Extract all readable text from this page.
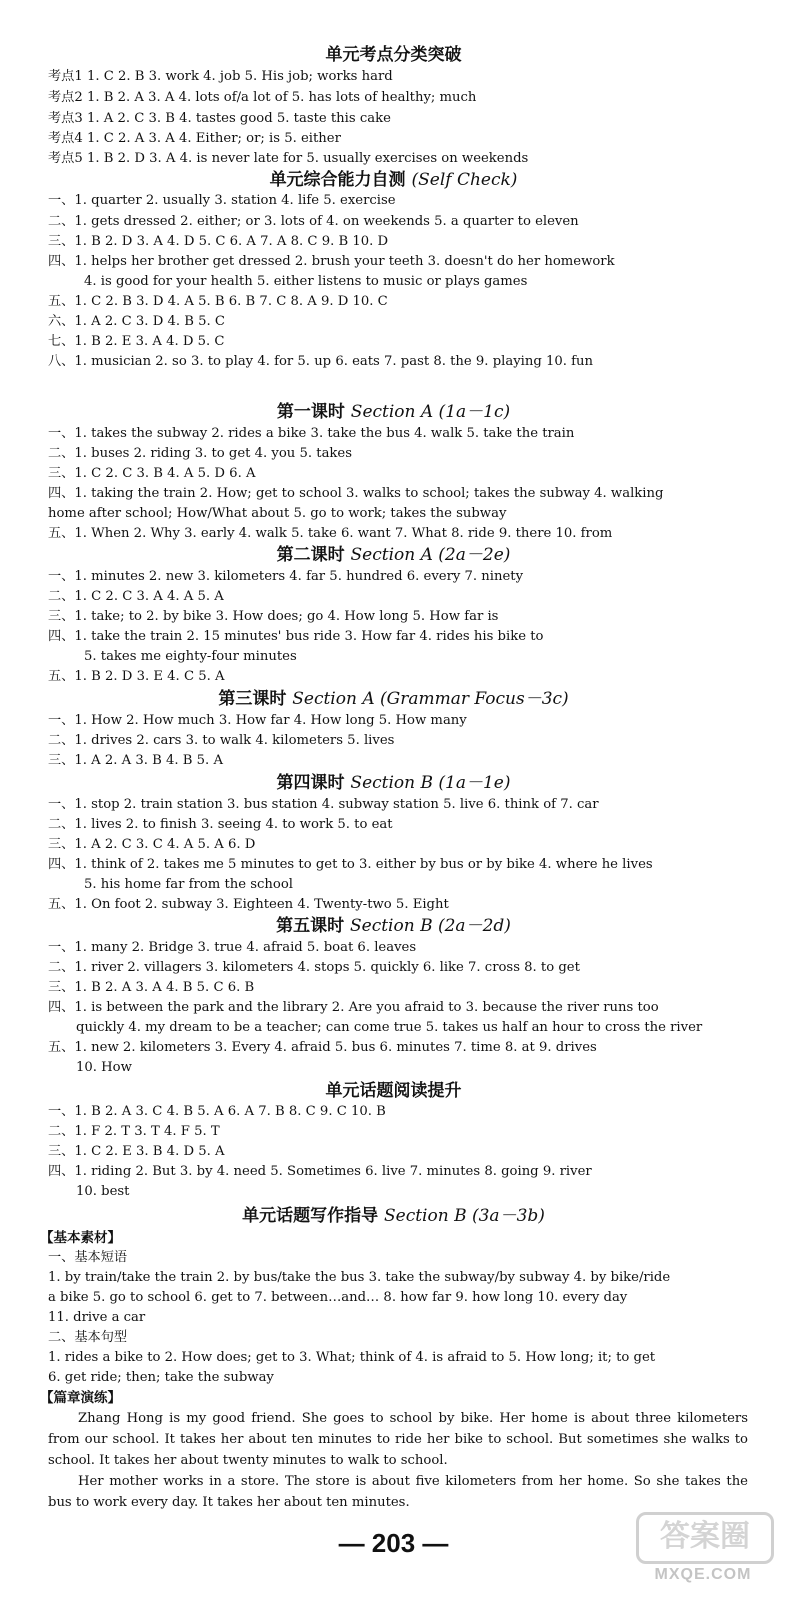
单元考点分类突破
考点1 1. C 2. B 3. work 4. job 5. His job; works hard
考点2 1. B 2. A 3. A 4. lots of/a lot of 5. has lots of healthy; much
考点3 1. A 2. C 3. B 4. tastes good 5. taste this cake
考点4 1. C 2. A 3. A 4. Either; or; is 5. either
考点5 1. B 2. D 3. A 4. is never late for 5. usually exercises on weekends
单元综合能力自测 (Self Check)
一、1. quarter 2. usually 3. station 4. life 5. exercise
二、1. gets dressed 2. either; or 3. lots of 4. on weekends 5. a quarter to eleven
三、1. B 2. D 3. A 4. D 5. C 6. A 7. A 8. C 9. B 10. D
四、1. helps her brother get dressed 2. brush your teeth 3. doesn't do her homework
4. is good for your health 5. either listens to music or plays games
五、1. C 2. B 3. D 4. A 5. B 6. B 7. C 8. A 9. D 10. C
六、1. A 2. C 3. D 4. B 5. C
七、1. B 2. E 3. A 4. D 5. C
八、1. musician 2. so 3. to play 4. for 5. up 6. eats 7. past 8. the 9. playing 10. fun
第一课时 Section A (1a－1c)
一、1. takes the subway 2. rides a bike 3. take the bus 4. walk 5. take the train
二、1. buses 2. riding 3. to get 4. you 5. takes
三、1. C 2. C 3. B 4. A 5. D 6. A
四、1. taking the train 2. How; get to school 3. walks to school; takes the subway 4. walking
home after school; How/What about 5. go to work; takes the subway
五、1. When 2. Why 3. early 4. walk 5. take 6. want 7. What 8. ride 9. there 10. from
第二课时 Section A (2a－2e)
一、1. minutes 2. new 3. kilometers 4. far 5. hundred 6. every 7. ninety
二、1. C 2. C 3. A 4. A 5. A
三、1. take; to 2. by bike 3. How does; go 4. How long 5. How far is
四、1. take the train 2. 15 minutes' bus ride 3. How far 4. rides his bike to
5. takes me eighty-four minutes
五、1. B 2. D 3. E 4. C 5. A
第三课时 Section A (Grammar Focus－3c)
一、1. How 2. How much 3. How far 4. How long 5. How many
二、1. drives 2. cars 3. to walk 4. kilometers 5. lives
三、1. A 2. A 3. B 4. B 5. A
第四课时 Section B (1a－1e)
一、1. stop 2. train station 3. bus station 4. subway station 5. live 6. think of 7. car
二、1. lives 2. to finish 3. seeing 4. to work 5. to eat
三、1. A 2. C 3. C 4. A 5. A 6. D
四、1. think of 2. takes me 5 minutes to get to 3. either by bus or by bike 4. where he lives
5. his home far from the school
五、1. On foot 2. subway 3. Eighteen 4. Twenty-two 5. Eight
第五课时 Section B (2a－2d)
一、1. many 2. Bridge 3. true 4. afraid 5. boat 6. leaves
二、1. river 2. villagers 3. kilometers 4. stops 5. quickly 6. like 7. cross 8. to get
三、1. B 2. A 3. A 4. B 5. C 6. B
四、1. is between the park and the library 2. Are you afraid to 3. because the river runs too
quickly 4. my dream to be a teacher; can come true 5. takes us half an hour to cross the river
五、1. new 2. kilometers 3. Every 4. afraid 5. bus 6. minutes 7. time 8. at 9. drives
10. How
单元话题阅读提升
一、1. B 2. A 3. C 4. B 5. A 6. A 7. B 8. C 9. C 10. B
二、1. F 2. T 3. T 4. F 5. T
三、1. C 2. E 3. B 4. D 5. A
四、1. riding 2. But 3. by 4. need 5. Sometimes 6. live 7. minutes 8. going 9. river
10. best
单元话题写作指导 Section B (3a－3b)
【基本素材】
一、基本短语
1. by train/take the train 2. by bus/take the bus 3. take the subway/by subway 4. by bike/ride
a bike 5. go to school 6. get to 7. between…and… 8. how far 9. how long 10. every day
11. drive a car
二、基本句型
1. rides a bike to 2. How does; get to 3. What; think of 4. is afraid to 5. How long; it; to get
6. get ride; then; take the subway
【篇章演练】
Zhang Hong is my good friend. She goes to school by bike. Her home is about three kilometers from our school. It takes her about ten minutes to ride her bike to school. But sometimes she walks to school. It takes her about twenty minutes to walk to school.
Her mother works in a store. The store is about five kilometers from her home. So she takes the bus to work every day. It takes her about ten minutes.
— 203 —	答案圈
MXQE.COM
